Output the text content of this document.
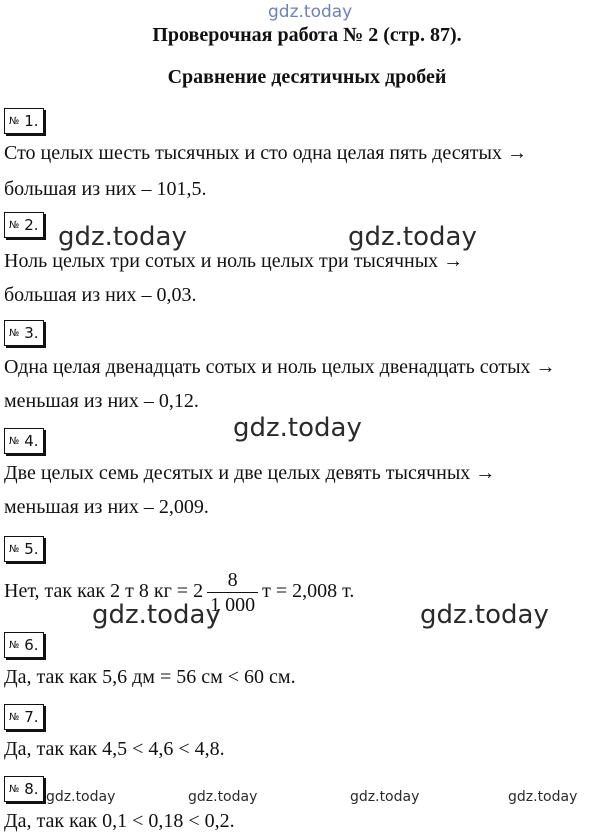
gdz.today
gdz.today	gdz.today
gdz.today
gdz.today	gdz.today
gdz.today	gdz.today	gdz.today	gdz.today
Проверочная работа № 2 (стр. 87).
Сравнение десятичных дробей
№ 1.
Сто целых шесть тысячных и сто одна целая пять десятых →
большая из них – 101,5.
№ 2.
Ноль целых три сотых и ноль целых три тысячных →
большая из них – 0,03.
№ 3.
Одна целая двенадцать сотых и ноль целых двенадцать сотых →
меньшая из них – 0,12.
№ 4.
Две целых семь десятых и две целых девять тысячных →
меньшая из них – 2,009.
№ 5.
Нет, так как 2 т 8 кг = $2 \frac{8}{1 000}$ т = 2,008 т.
№ 6.
Да, так как 5,6 дм = 56 см < 60 см.
№ 7.
Да, так как 4,5 < 4,6 < 4,8.
№ 8.
Да, так как 0,1 < 0,18 < 0,2.
